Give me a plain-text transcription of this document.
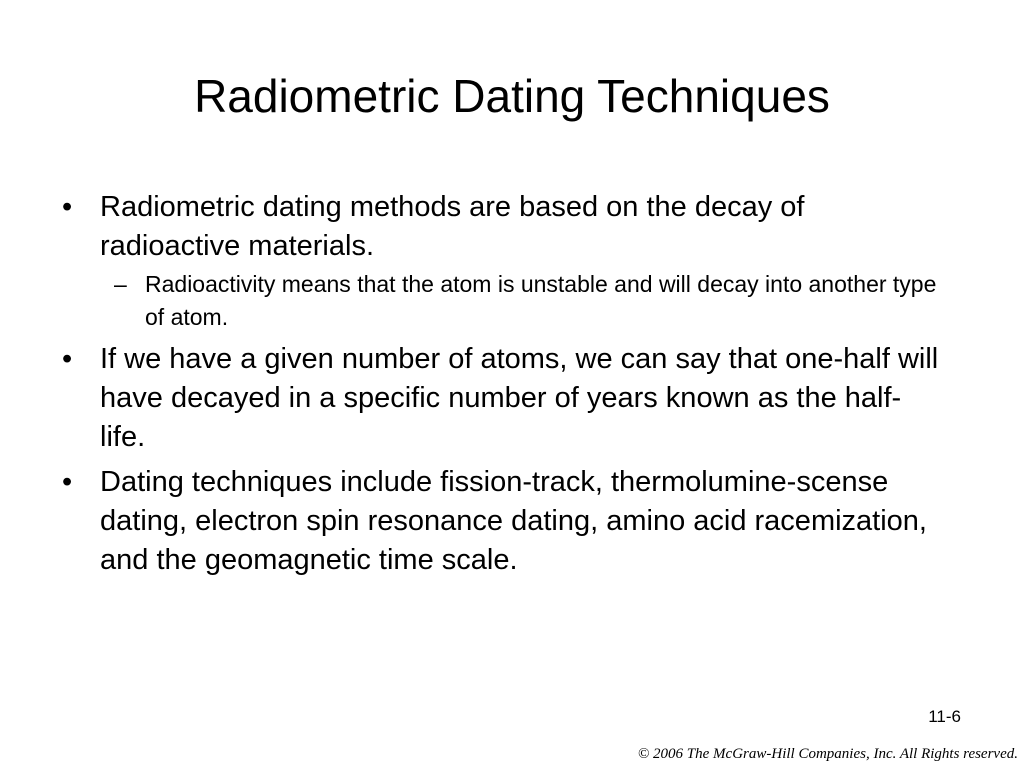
Radiometric Dating Techniques
• Radiometric dating methods are based on the decay of radioactive materials.
– Radioactivity means that the atom is unstable and will decay into another type of atom.
• If we have a given number of atoms, we can say that one-half will have decayed in a specific number of years known as the half-life.
• Dating techniques include fission-track, thermolumine-scense dating, electron spin resonance dating, amino acid racemization, and the geomagnetic time scale.
11-6
© 2006 The McGraw-Hill Companies, Inc. All Rights reserved.
